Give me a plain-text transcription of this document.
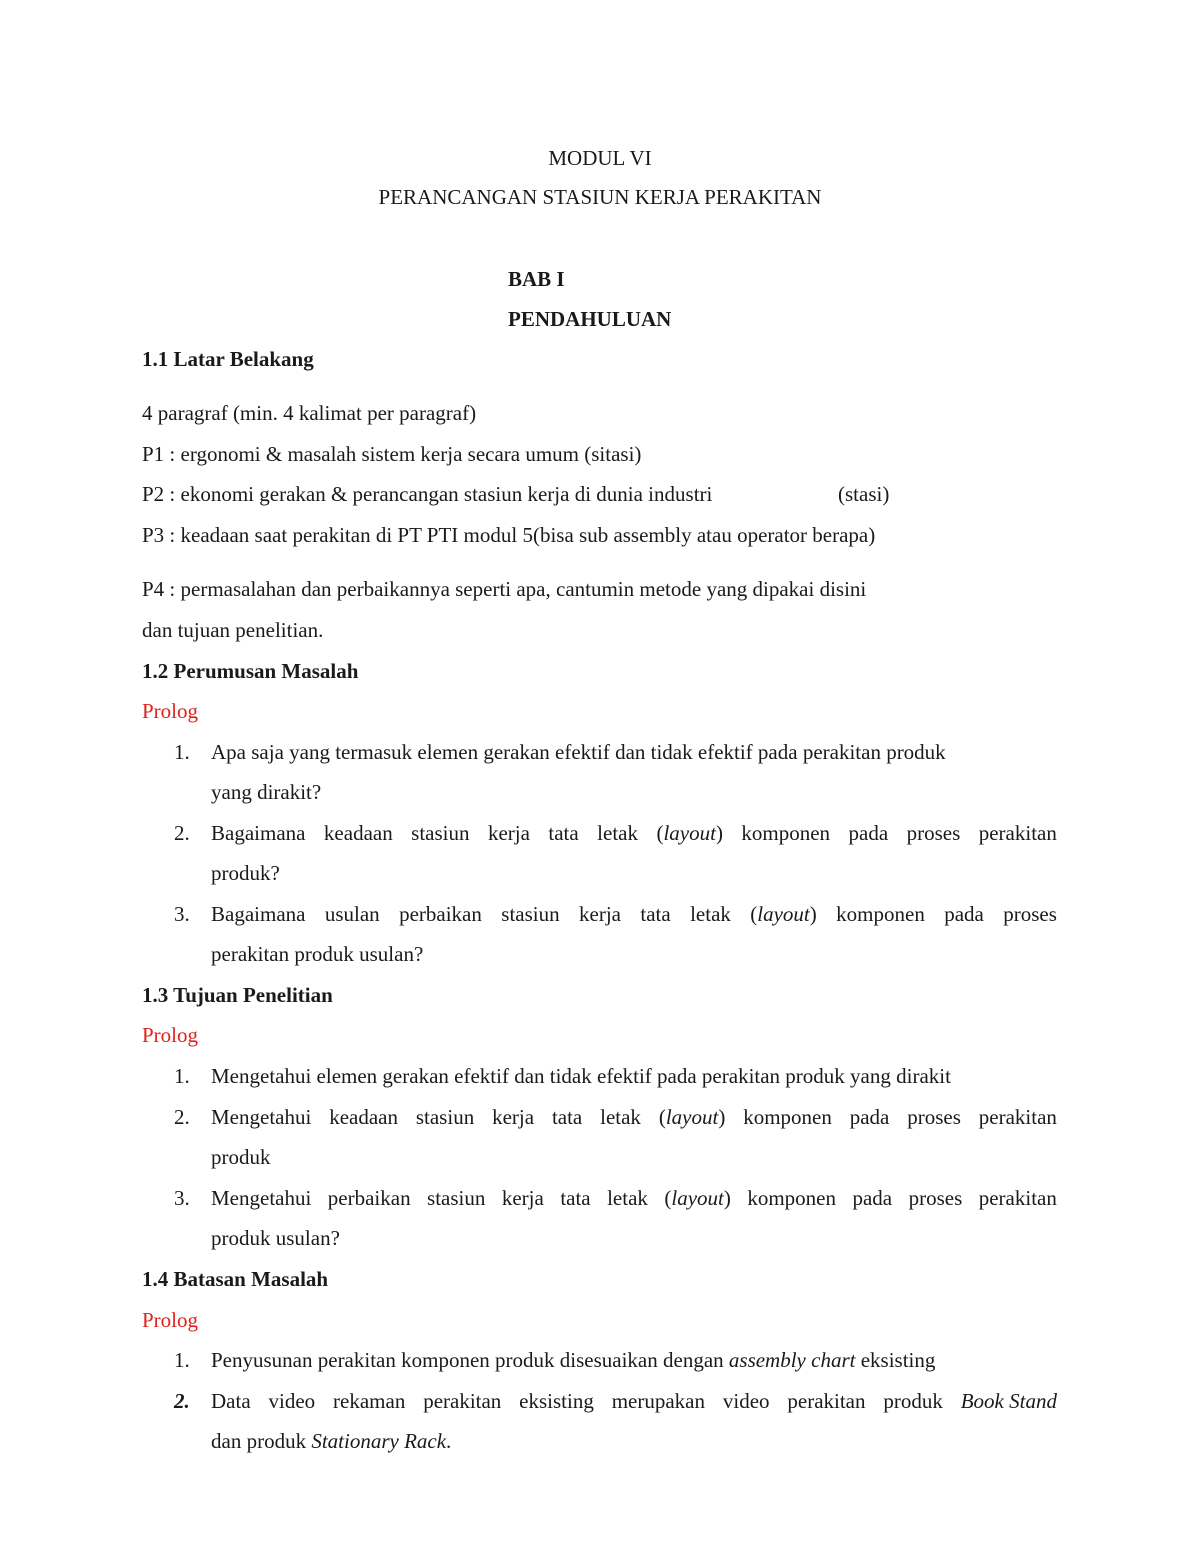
MODUL VI
PERANCANGAN STASIUN KERJA PERAKITAN
BAB I
PENDAHULUAN
1.1 Latar Belakang
4 paragraf (min. 4 kalimat per paragraf)
P1 : ergonomi & masalah sistem kerja secara umum (sitasi)
P2 : ekonomi gerakan & perancangan stasiun kerja di dunia industri	(stasi)
P3 : keadaan saat perakitan di PT PTI modul 5(bisa sub assembly atau operator berapa)
P4 : permasalahan dan perbaikannya seperti apa, cantumin metode yang dipakai disini
dan tujuan penelitian.
1.2 Perumusan Masalah
Prolog
1. Apa saja yang termasuk elemen gerakan efektif dan tidak efektif pada perakitan produk
yang dirakit?
2. Bagaimana keadaan stasiun kerja tata letak (layout) komponen pada proses perakitan
produk?
3. Bagaimana usulan perbaikan stasiun kerja tata letak (layout) komponen pada proses
perakitan produk usulan?
1.3 Tujuan Penelitian
Prolog
1. Mengetahui elemen gerakan efektif dan tidak efektif pada perakitan produk yang dirakit
2. Mengetahui keadaan stasiun kerja tata letak (layout) komponen pada proses perakitan
produk
3. Mengetahui perbaikan stasiun kerja tata letak (layout) komponen pada proses perakitan
produk usulan?
1.4 Batasan Masalah
Prolog
1. Penyusunan perakitan komponen produk disesuaikan dengan assembly chart eksisting
2. Data video rekaman perakitan eksisting merupakan video perakitan produk Book Stand
dan produk Stationary Rack.
